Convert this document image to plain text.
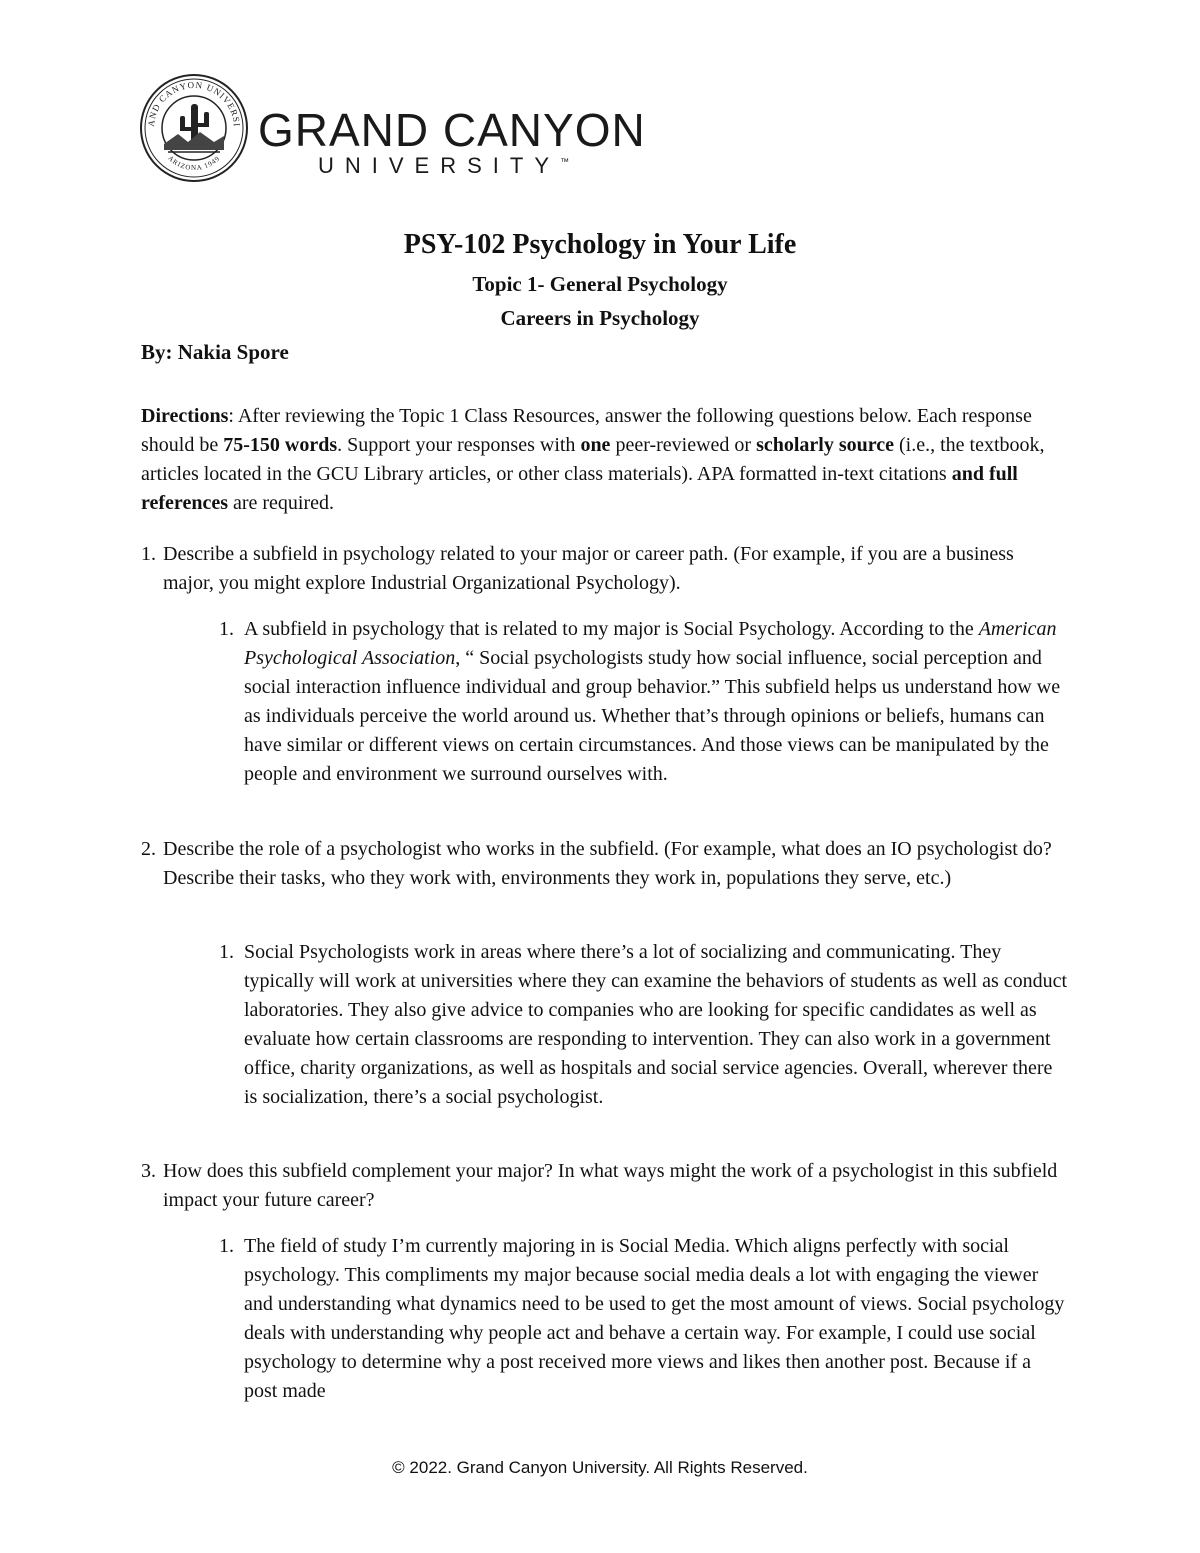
AND CANYON UNIVERSI
ARIZONA 1949
GRAND CANYON
UNIVERSITY™
PSY-102 Psychology in Your Life
Topic 1- General Psychology
Careers in Psychology
By: Nakia Spore

Directions: After reviewing the Topic 1 Class Resources, answer the following questions below. Each response should be 75-150 words. Support your responses with one peer-reviewed or scholarly source (i.e., the textbook, articles located in the GCU Library articles, or other class materials). APA formatted in-text citations and full references are required.

1. Describe a subfield in psychology related to your major or career path. (For example, if you are a business major, you might explore Industrial Organizational Psychology).
1. A subfield in psychology that is related to my major is Social Psychology. According to the American Psychological Association, “ Social psychologists study how social influence, social perception and social interaction influence individual and group behavior.” This subfield helps us understand how we as individuals perceive the world around us. Whether that’s through opinions or beliefs, humans can have similar or different views on certain circumstances. And those views can be manipulated by the people and environment we surround ourselves with.
2. Describe the role of a psychologist who works in the subfield. (For example, what does an IO psychologist do? Describe their tasks, who they work with, environments they work in, populations they serve, etc.)
1. Social Psychologists work in areas where there’s a lot of socializing and communicating. They typically will work at universities where they can examine the behaviors of students as well as conduct laboratories. They also give advice to companies who are looking for specific candidates as well as evaluate how certain classrooms are responding to intervention. They can also work in a government office, charity organizations, as well as hospitals and social service agencies. Overall, wherever there is socialization, there’s a social psychologist.
3. How does this subfield complement your major? In what ways might the work of a psychologist in this subfield impact your future career?
1. The field of study I’m currently majoring in is Social Media. Which aligns perfectly with social psychology. This compliments my major because social media deals a lot with engaging the viewer and understanding what dynamics need to be used to get the most amount of views. Social psychology deals with understanding why people act and behave a certain way. For example, I could use social psychology to determine why a post received more views and likes then another post. Because if a post made
© 2022. Grand Canyon University. All Rights Reserved.
